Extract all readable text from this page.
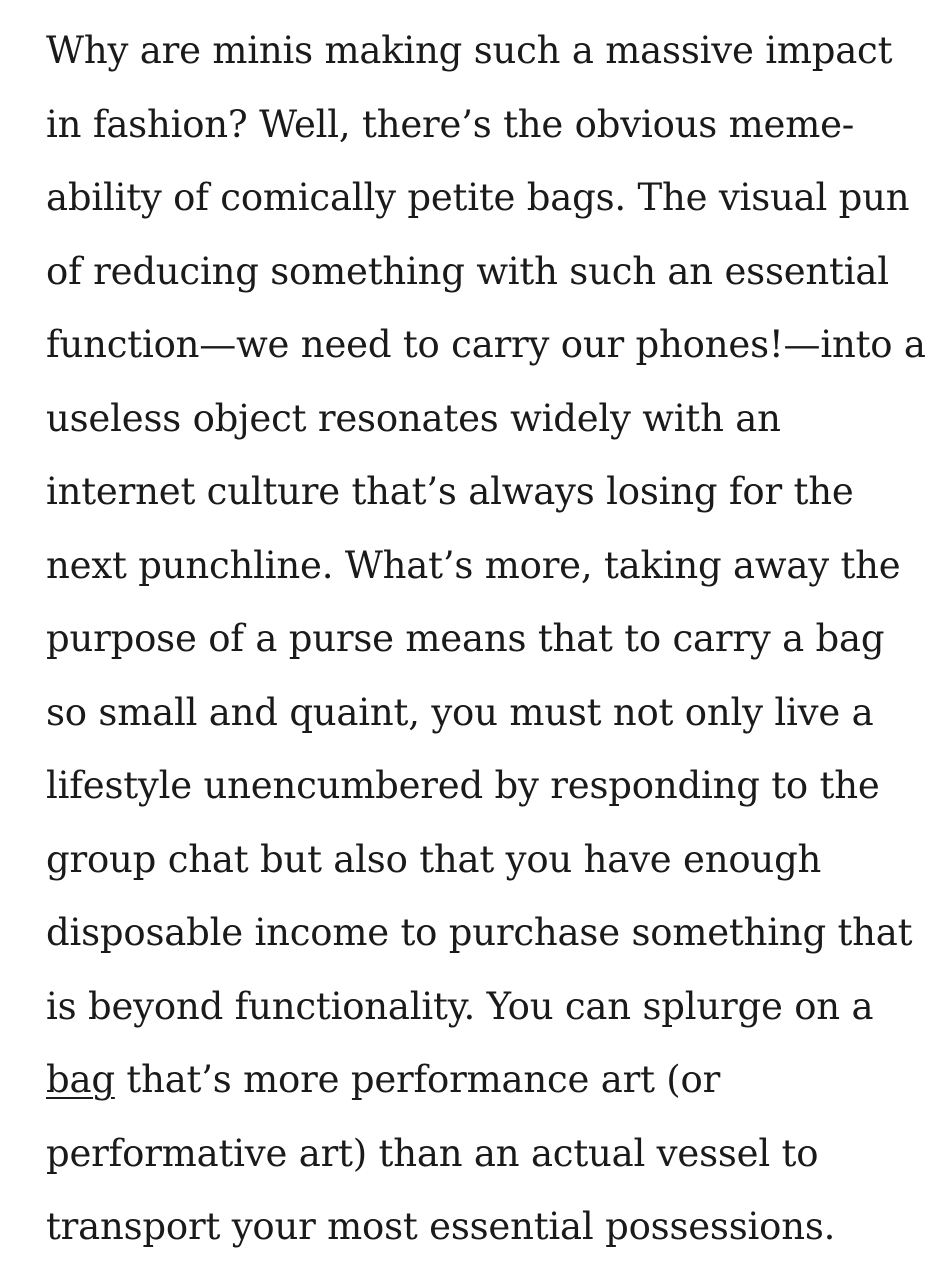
Why are minis making such a massive impact
in fashion? Well, there’s the obvious meme-
ability of comically petite bags. The visual pun
of reducing something with such an essential
function—we need to carry our phones!—into a
useless object resonates widely with an
internet culture that’s always losing for the
next punchline. What’s more, taking away the
purpose of a purse means that to carry a bag
so small and quaint, you must not only live a
lifestyle unencumbered by responding to the
group chat but also that you have enough
disposable income to purchase something that
is beyond functionality. You can splurge on a
bag that’s more performance art (or
performative art) than an actual vessel to
transport your most essential possessions.
